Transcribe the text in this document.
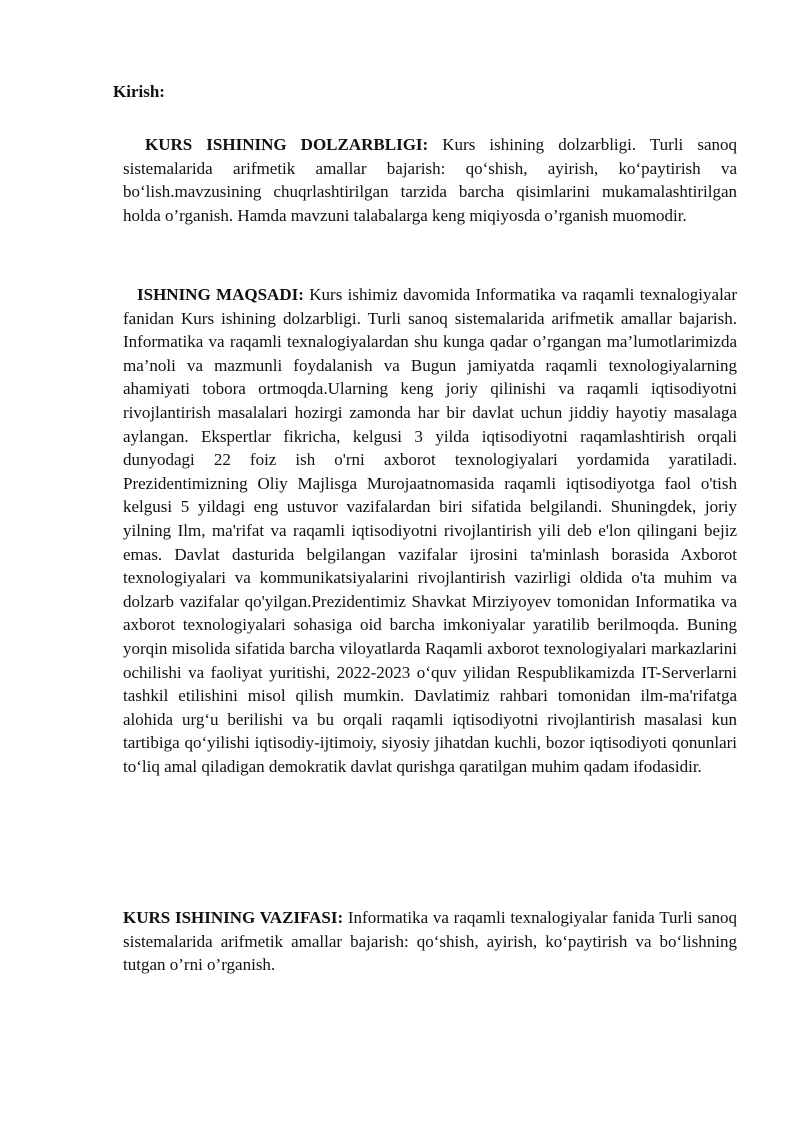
Kirish:

KURS ISHINING DOLZARBLIGI: Kurs ishining dolzarbligi. Turli sanoq sistemalarida arifmetik amallar bajarish: qo‘shish, ayirish, ko‘paytirish va bo‘lish.mavzusining chuqrlashtirilgan tarzida barcha qisimlarini mukamalashtirilgan holda o’rganish. Hamda mavzuni talabalarga keng miqiyosda o’rganish muomodir.

ISHNING MAQSADI: Kurs ishimiz davomida Informatika va raqamli texnalogiyalar fanidan Kurs ishining dolzarbligi. Turli sanoq sistemalarida arifmetik amallar bajarish. Informatika va raqamli texnalogiyalardan shu kunga qadar o’rgangan ma’lumotlarimizda ma’noli va mazmunli foydalanish va Bugun jamiyatda raqamli texnologiyalarning ahamiyati tobora ortmoqda.Ularning keng joriy qilinishi va raqamli iqtisodiyotni rivojlantirish masalalari hozirgi zamonda har bir davlat uchun jiddiy hayotiy masalaga aylangan. Ekspertlar fikricha, kelgusi 3 yilda iqtisodiyotni raqamlashtirish orqali dunyodagi 22 foiz ish o'rni axborot texnologiyalari yordamida yaratiladi. Prezidentimizning Oliy Majlisga Murojaatnomasida raqamli iqtisodiyotga faol o'tish kelgusi 5 yildagi eng ustuvor vazifalardan biri sifatida belgilandi. Shuningdek, joriy yilning Ilm, ma'rifat va raqamli iqtisodiyotni rivojlantirish yili deb e'lon qilingani bejiz emas. Davlat dasturida belgilangan vazifalar ijrosini ta'minlash borasida Axborot texnologiyalari va kommunikatsiyalarini rivojlantirish vazirligi oldida o'ta muhim va dolzarb vazifalar qo'yilgan.Prezidentimiz Shavkat Mirziyoyev tomonidan Informatika va axborot texnologiyalari sohasiga oid barcha imkoniyalar yaratilib berilmoqda. Buning yorqin misolida sifatida barcha viloyatlarda Raqamli axborot texnologiyalari markazlarini ochilishi va faoliyat yuritishi, 2022-2023 o‘quv yilidan Respublikamizda IT-Serverlarni tashkil etilishini misol qilish mumkin. Davlatimiz rahbari tomonidan ilm-ma'rifatga alohida urg‘u berilishi va bu orqali raqamli iqtisodiyotni rivojlantirish masalasi kun tartibiga qo‘yilishi iqtisodiy-ijtimoiy, siyosiy jihatdan kuchli, bozor iqtisodiyoti qonunlari to‘liq amal qiladigan demokratik davlat qurishga qaratilgan muhim qadam ifodasidir.

KURS ISHINING VAZIFASI: Informatika va raqamli texnalogiyalar fanida Turli sanoq sistemalarida arifmetik amallar bajarish: qo‘shish, ayirish, ko‘paytirish va bo‘lishning tutgan o’rni o’rganish.
